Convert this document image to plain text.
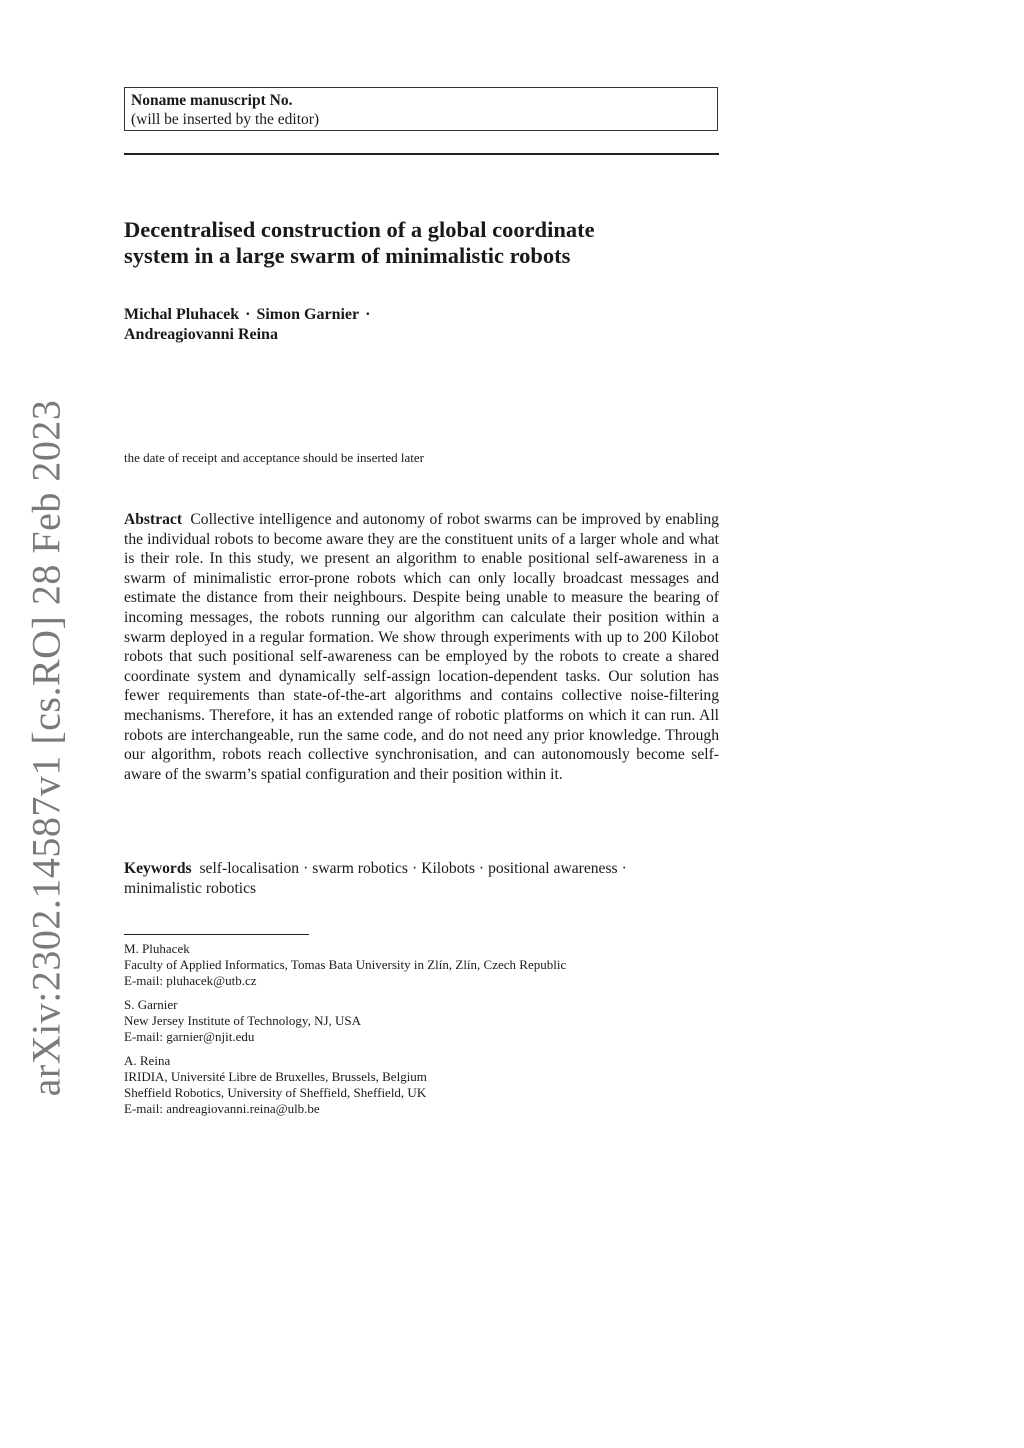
arXiv:2302.14587v1 [cs.RO] 28 Feb 2023
Noname manuscript No.
(will be inserted by the editor)
Decentralised construction of a global coordinate
system in a large swarm of minimalistic robots
Michal Pluhacek · Simon Garnier ·
Andreagiovanni Reina
the date of receipt and acceptance should be inserted later
Abstract Collective intelligence and autonomy of robot swarms can be improved by enabling the individual robots to become aware they are the constituent units of a larger whole and what is their role. In this study, we present an algorithm to enable positional self-awareness in a swarm of minimalistic error-prone robots which can only locally broadcast messages and estimate the distance from their neighbours. Despite being unable to measure the bearing of incoming messages, the robots running our algorithm can calculate their position within a swarm deployed in a regular formation. We show through experiments with up to 200 Kilobot robots that such positional self-awareness can be employed by the robots to create a shared coordinate system and dynamically self-assign location-dependent tasks. Our solution has fewer requirements than state-of-the-art algorithms and contains collective noise-filtering mechanisms. Therefore, it has an extended range of robotic platforms on which it can run. All robots are interchangeable, run the same code, and do not need any prior knowledge. Through our algorithm, robots reach collective synchronisation, and can autonomously become self-aware of the swarm’s spatial configuration and their position within it.
Keywords self-localisation · swarm robotics · Kilobots · positional awareness ·
minimalistic robotics
M. Pluhacek
Faculty of Applied Informatics, Tomas Bata University in Zlín, Zlín, Czech Republic
E-mail: pluhacek@utb.cz
S. Garnier
New Jersey Institute of Technology, NJ, USA
E-mail: garnier@njit.edu
A. Reina
IRIDIA, Université Libre de Bruxelles, Brussels, Belgium
Sheffield Robotics, University of Sheffield, Sheffield, UK
E-mail: andreagiovanni.reina@ulb.be
